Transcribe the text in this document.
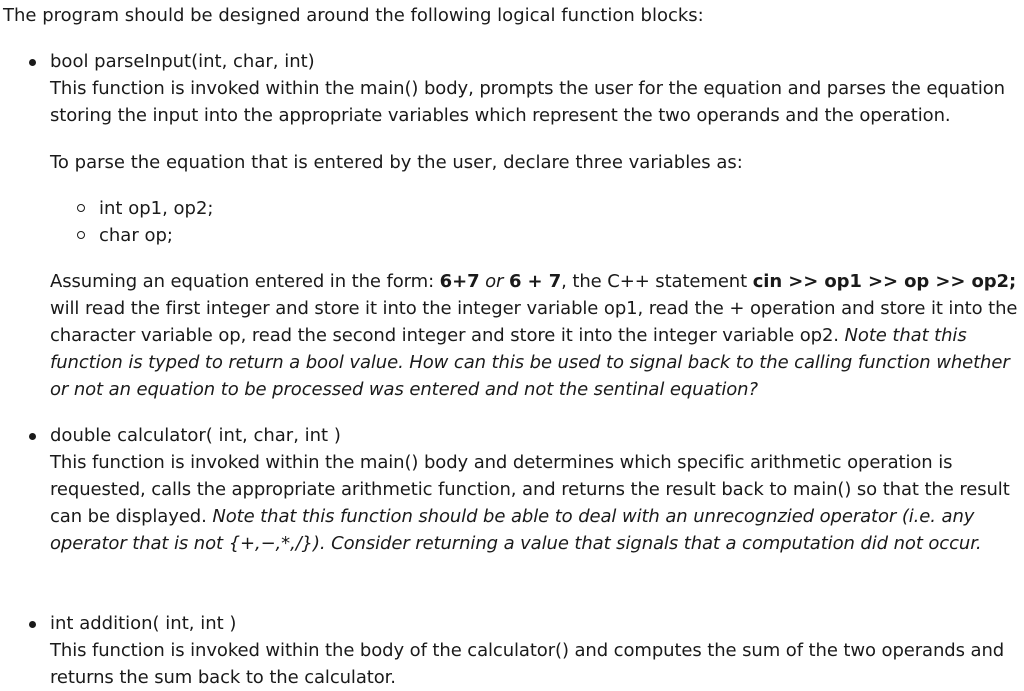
The program should be designed around the following logical function blocks:

bool parseInput(int, char, int)

This function is invoked within the main() body, prompts the user for the equation and parses the equation storing the input into the appropriate variables which represent the two operands and the operation.

To parse the equation that is entered by the user, declare three variables as:

int op1, op2;
char op;

Assuming an equation entered in the form: 6+7 or 6 + 7, the C++ statement cin >> op1 >> op >> op2; will read the first integer and store it into the integer variable op1, read the + operation and store it into the character variable op, read the second integer and store it into the integer variable op2. Note that this function is typed to return a bool value. How can this be used to signal back to the calling function whether or not an equation to be processed was entered and not the sentinal equation?

double calculator( int, char, int )

This function is invoked within the main() body and determines which specific arithmetic operation is requested, calls the appropriate arithmetic function, and returns the result back to main() so that the result can be displayed. Note that this function should be able to deal with an unrecognzied operator (i.e. any operator that is not {+,−,*,/}). Consider returning a value that signals that a computation did not occur.

int addition( int, int )

This function is invoked within the body of the calculator() and computes the sum of the two operands and returns the sum back to the calculator.
